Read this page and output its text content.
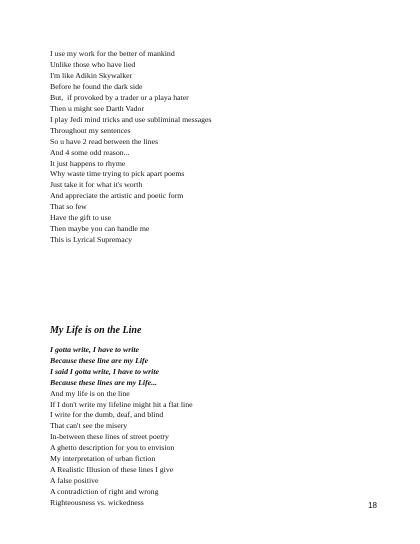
I use my work for the better of mankind
Unlike those who have lied
I'm like Adikin Skywalker
Before he found the dark side
But,  if provoked by a trader or a playa hater
Then u might see Darth Vador
I play Jedi mind tricks and use subliminal messages
Throughout my sentences
So u have 2 read between the lines
And 4 some odd reason...
It just happens to rhyme
Why waste time trying to pick apart poems
Just take it for what it's worth
And appreciate the artistic and poetic form
That so few
Have the gift to use
Then maybe you can handle me
This is Lyrical Supremacy
My Life is on the Line
I gotta write, I have to write
Because these line are my Life
I said I gotta write, I have to write
Because these lines are my Life...
And my life is on the line
If I don't write my lifeline might hit a flat line
I write for the dumb, deaf, and blind
That can't see the misery
In-between these lines of street poetry
A ghetto description for you to envision
My interpretation of urban fiction
A Realistic Illusion of these lines I give
A false positive
A contradiction of right and wrong
Righteousness vs. wickedness	18
